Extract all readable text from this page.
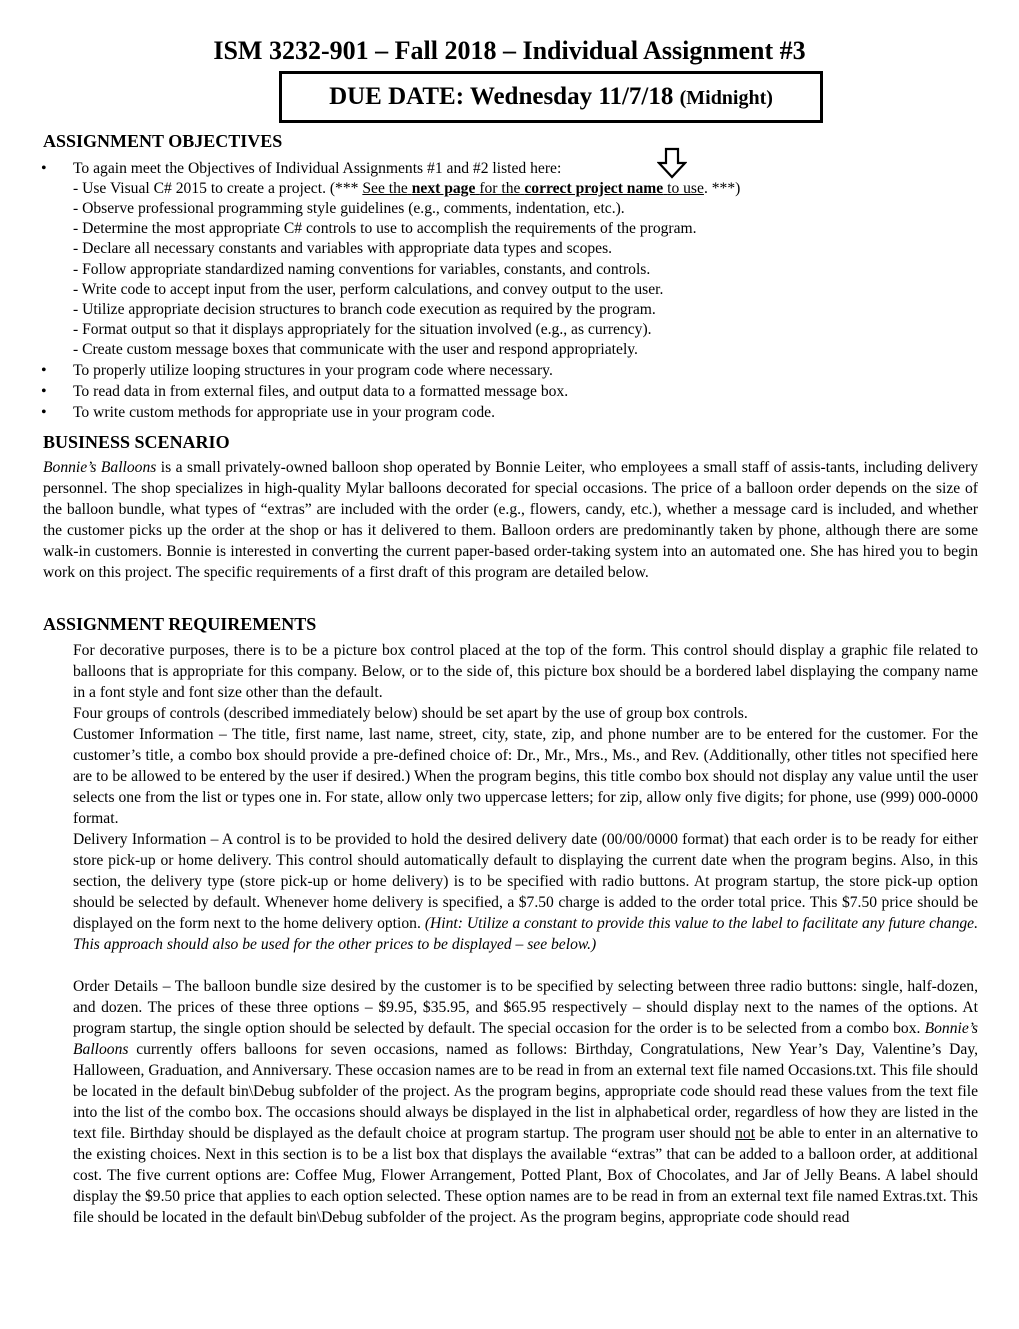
ISM 3232-901 – Fall 2018 – Individual Assignment #3
DUE DATE: Wednesday 11/7/18 (Midnight)
ASSIGNMENT OBJECTIVES
• To again meet the Objectives of Individual Assignments #1 and #2 listed here:
- Use Visual C# 2015 to create a project. (*** See the next page for the correct project name to use. ***)
- Observe professional programming style guidelines (e.g., comments, indentation, etc.).
- Determine the most appropriate C# controls to use to accomplish the requirements of the program.
- Declare all necessary constants and variables with appropriate data types and scopes.
- Follow appropriate standardized naming conventions for variables, constants, and controls.
- Write code to accept input from the user, perform calculations, and convey output to the user.
- Utilize appropriate decision structures to branch code execution as required by the program.
- Format output so that it displays appropriately for the situation involved (e.g., as currency).
- Create custom message boxes that communicate with the user and respond appropriately.
• To properly utilize looping structures in your program code where necessary.
• To read data in from external files, and output data to a formatted message box.
• To write custom methods for appropriate use in your program code.
BUSINESS SCENARIO
Bonnie’s Balloons is a small privately-owned balloon shop operated by Bonnie Leiter, who employees a small staff of assis-tants, including delivery personnel. The shop specializes in high-quality Mylar balloons decorated for special occasions. The price of a balloon order depends on the size of the balloon bundle, what types of “extras” are included with the order (e.g., flowers, candy, etc.), whether a message card is included, and whether the customer picks up the order at the shop or has it delivered to them. Balloon orders are predominantly taken by phone, although there are some walk-in customers. Bonnie is interested in converting the current paper-based order-taking system into an automated one. She has hired you to begin work on this project. The specific requirements of a first draft of this program are detailed below.
ASSIGNMENT REQUIREMENTS
For decorative purposes, there is to be a picture box control placed at the top of the form. This control should display a graphic file related to balloons that is appropriate for this company. Below, or to the side of, this picture box should be a bordered label displaying the company name in a font style and font size other than the default.
Four groups of controls (described immediately below) should be set apart by the use of group box controls.
Customer Information – The title, first name, last name, street, city, state, zip, and phone number are to be entered for the customer. For the customer’s title, a combo box should provide a pre-defined choice of: Dr., Mr., Mrs., Ms., and Rev. (Additionally, other titles not specified here are to be allowed to be entered by the user if desired.) When the program begins, this title combo box should not display any value until the user selects one from the list or types one in. For state, allow only two uppercase letters; for zip, allow only five digits; for phone, use (999) 000-0000 format.
Delivery Information – A control is to be provided to hold the desired delivery date (00/00/0000 format) that each order is to be ready for either store pick-up or home delivery. This control should automatically default to displaying the current date when the program begins. Also, in this section, the delivery type (store pick-up or home delivery) is to be specified with radio buttons. At program startup, the store pick-up option should be selected by default. Whenever home delivery is specified, a $7.50 charge is added to the order total price. This $7.50 price should be displayed on the form next to the home delivery option. (Hint: Utilize a constant to provide this value to the label to facilitate any future change. This approach should also be used for the other prices to be displayed – see below.)
Order Details – The balloon bundle size desired by the customer is to be specified by selecting between three radio buttons: single, half-dozen, and dozen. The prices of these three options – $9.95, $35.95, and $65.95 respectively – should display next to the names of the options. At program startup, the single option should be selected by default. The special occasion for the order is to be selected from a combo box. Bonnie’s Balloons currently offers balloons for seven occasions, named as follows: Birthday, Congratulations, New Year’s Day, Valentine’s Day, Halloween, Graduation, and Anniversary. These occasion names are to be read in from an external text file named Occasions.txt. This file should be located in the default bin\Debug subfolder of the project. As the program begins, appropriate code should read these values from the text file into the list of the combo box. The occasions should always be displayed in the list in alphabetical order, regardless of how they are listed in the text file. Birthday should be displayed as the default choice at program startup. The program user should not be able to enter in an alternative to the existing choices. Next in this section is to be a list box that displays the available “extras” that can be added to a balloon order, at additional cost. The five current options are: Coffee Mug, Flower Arrangement, Potted Plant, Box of Chocolates, and Jar of Jelly Beans. A label should display the $9.50 price that applies to each option selected. These option names are to be read in from an external text file named Extras.txt. This file should be located in the default bin\Debug subfolder of the project. As the program begins, appropriate code should read
